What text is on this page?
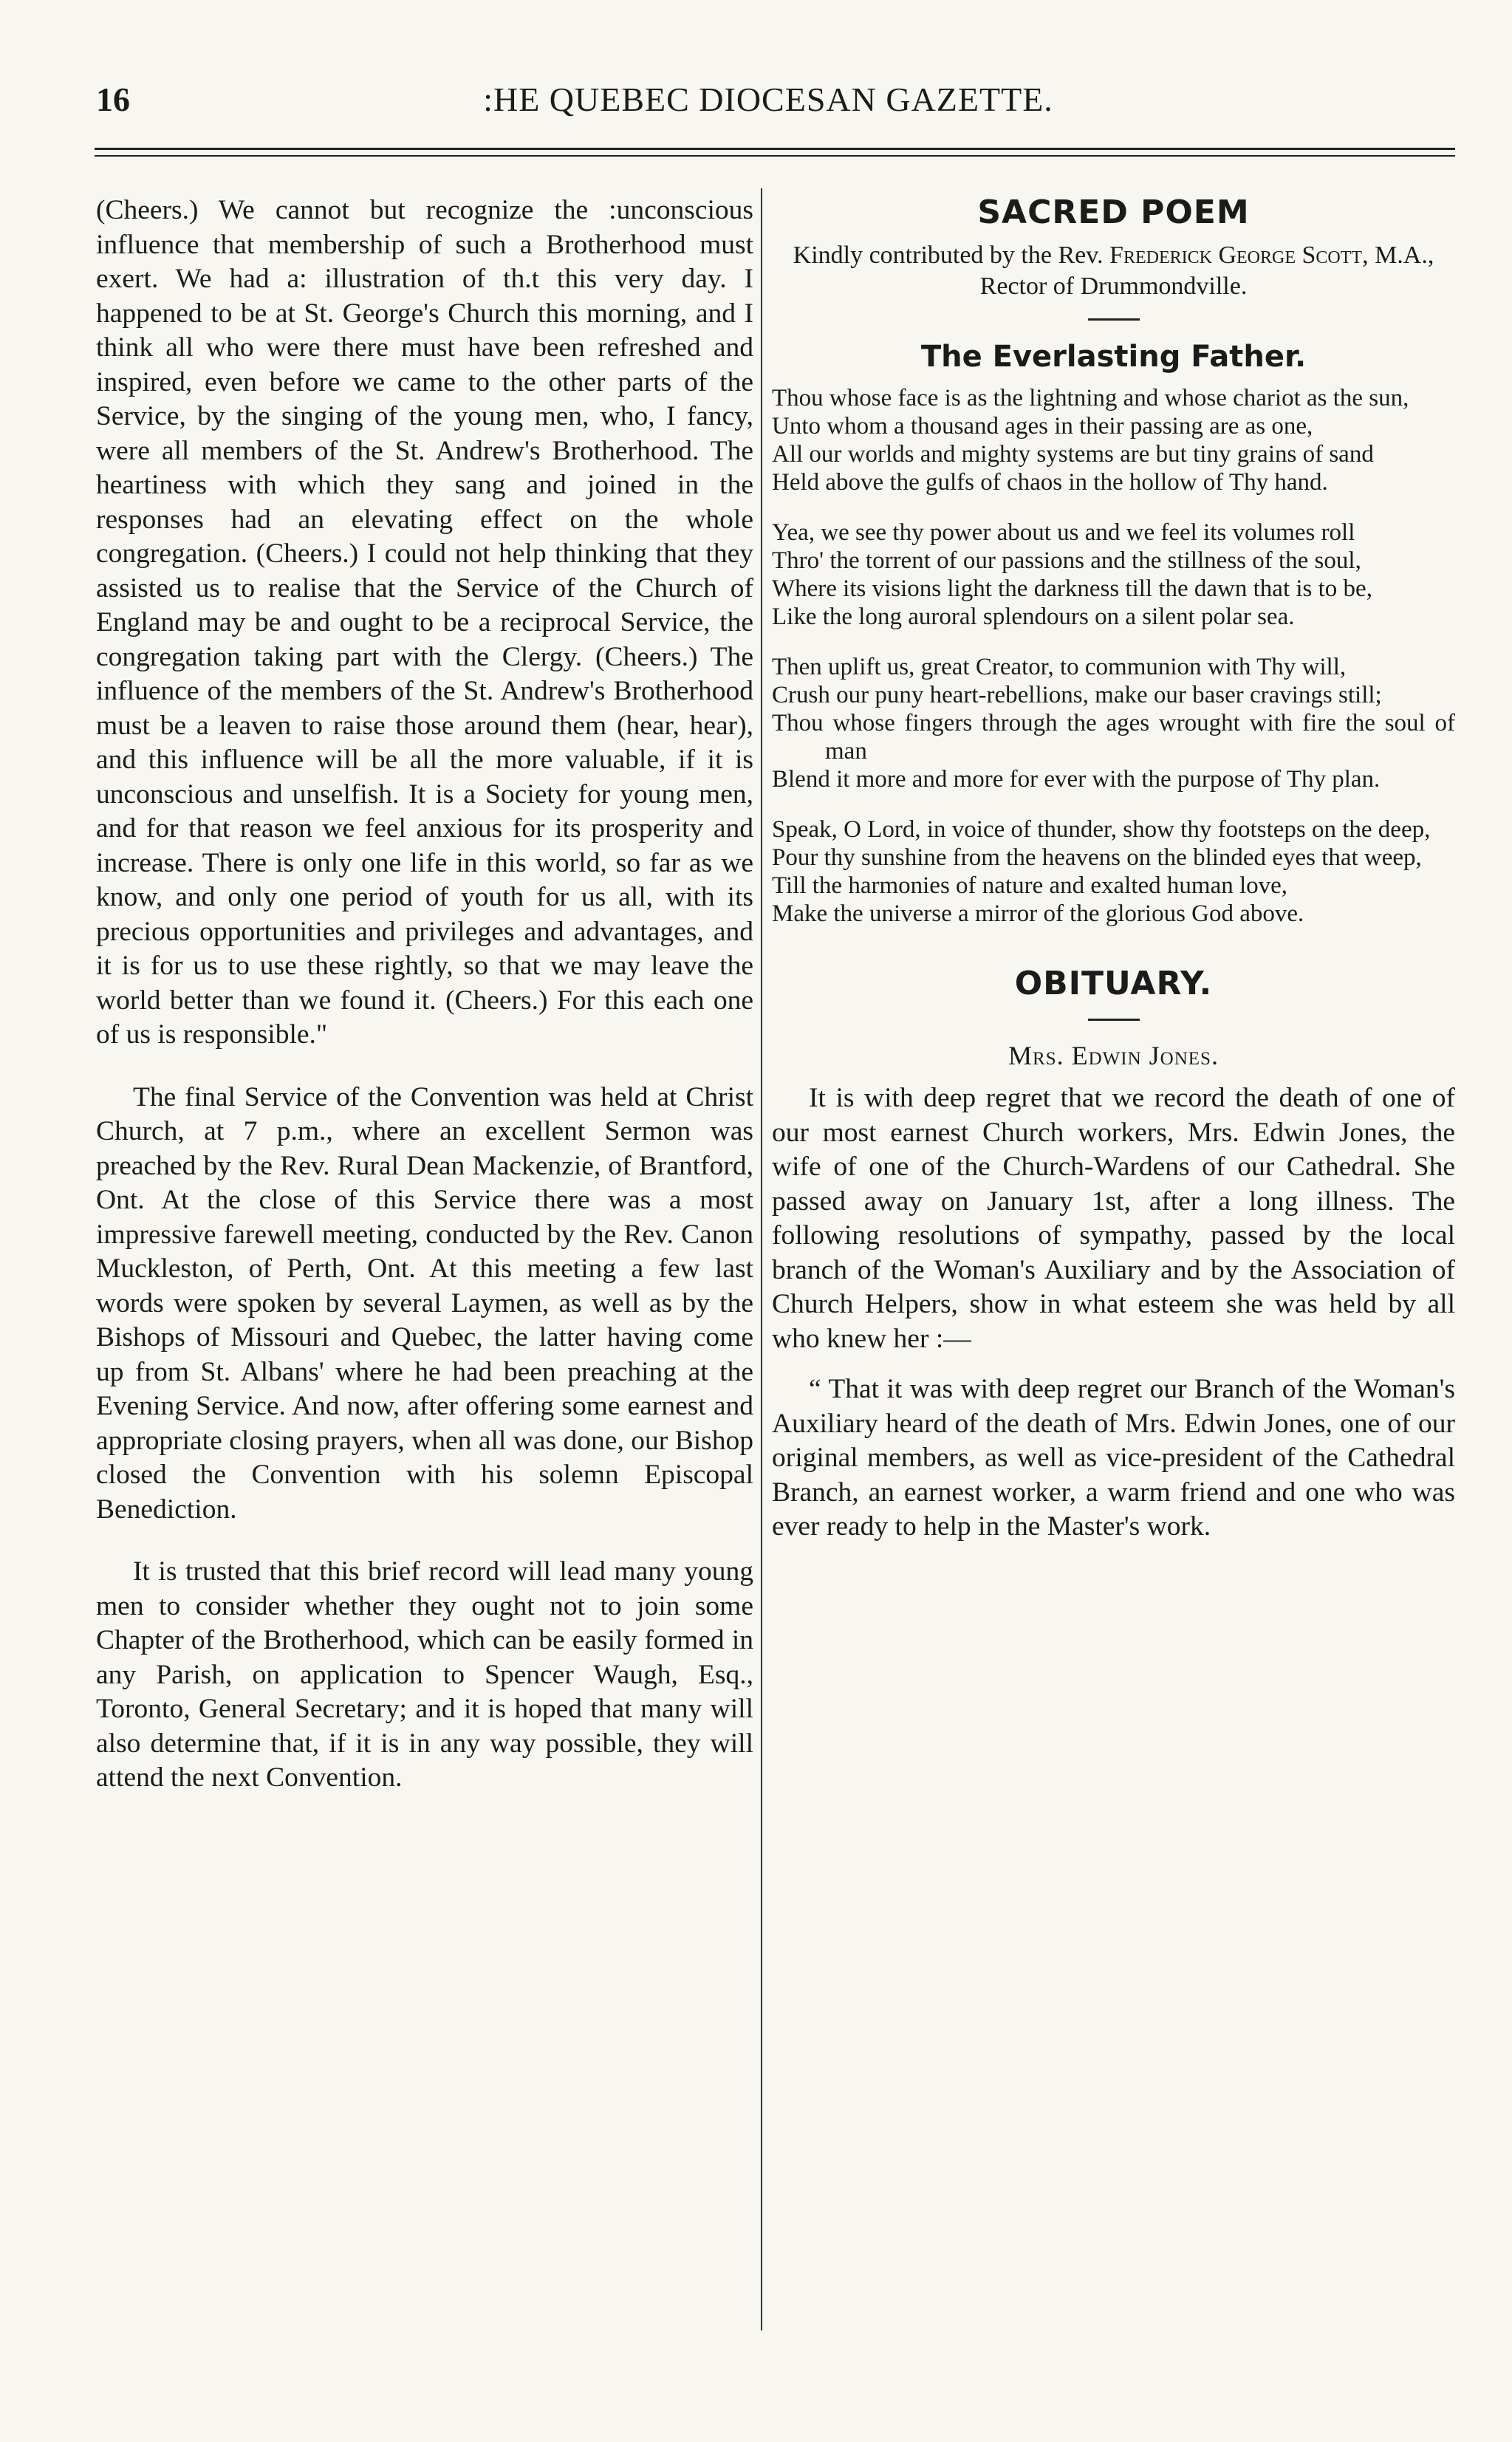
16	:HE QUEBEC DIOCESAN GAZETTE.

(Cheers.) We cannot but recognize the :unconscious influence that membership of such a Brotherhood must exert. We had a: illustration of th.t this very day. I happened to be at St. George's Church this morning, and I think all who were there must have been refreshed and inspired, even before we came to the other parts of the Service, by the singing of the young men, who, I fancy, were all members of the St. Andrew's Brotherhood. The heartiness with which they sang and joined in the responses had an elevating effect on the whole congregation. (Cheers.) I could not help thinking that they assisted us to realise that the Service of the Church of England may be and ought to be a reciprocal Service, the congregation taking part with the Clergy. (Cheers.) The influence of the members of the St. Andrew's Brotherhood must be a leaven to raise those around them (hear, hear), and this influence will be all the more valuable, if it is unconscious and unselfish. It is a Society for young men, and for that reason we feel anxious for its prosperity and increase. There is only one life in this world, so far as we know, and only one period of youth for us all, with its precious opportunities and privileges and advantages, and it is for us to use these rightly, so that we may leave the world better than we found it. (Cheers.) For this each one of us is responsible."

The final Service of the Convention was held at Christ Church, at 7 p.m., where an excellent Sermon was preached by the Rev. Rural Dean Mackenzie, of Brantford, Ont. At the close of this Service there was a most impressive farewell meeting, conducted by the Rev. Canon Muckleston, of Perth, Ont. At this meeting a few last words were spoken by several Laymen, as well as by the Bishops of Missouri and Quebec, the latter having come up from St. Albans' where he had been preaching at the Evening Service. And now, after offering some earnest and appropriate closing prayers, when all was done, our Bishop closed the Convention with his solemn Episcopal Benediction.

It is trusted that this brief record will lead many young men to consider whether they ought not to join some Chapter of the Brotherhood, which can be easily formed in any Parish, on application to Spencer Waugh, Esq., Toronto, General Secretary; and it is hoped that many will also determine that, if it is in any way possible, they will attend the next Convention.

SACRED POEM
Kindly contributed by the Rev. Frederick George Scott, M.A., Rector of Drummondville.
The Everlasting Father.
Thou whose face is as the lightning and whose chariot as the sun,
Unto whom a thousand ages in their passing are as one,
All our worlds and mighty systems are but tiny grains of sand
Held above the gulfs of chaos in the hollow of Thy hand.
Yea, we see thy power about us and we feel its volumes roll
Thro' the torrent of our passions and the stillness of the soul,
Where its visions light the darkness till the dawn that is to be,
Like the long auroral splendours on a silent polar sea.
Then uplift us, great Creator, to communion with Thy will,
Crush our puny heart-rebellions, make our baser cravings still;
Thou whose fingers through the ages wrought with fire the soul of man
Blend it more and more for ever with the purpose of Thy plan.
Speak, O Lord, in voice of thunder, show thy footsteps on the deep,
Pour thy sunshine from the heavens on the blinded eyes that weep,
Till the harmonies of nature and exalted human love,
Make the universe a mirror of the glorious God above.
OBITUARY.
Mrs. Edwin Jones.

It is with deep regret that we record the death of one of our most earnest Church workers, Mrs. Edwin Jones, the wife of one of the Church-Wardens of our Cathedral. She passed away on January 1st, after a long illness. The following resolutions of sympathy, passed by the local branch of the Woman's Auxiliary and by the Association of Church Helpers, show in what esteem she was held by all who knew her :—

“ That it was with deep regret our Branch of the Woman's Auxiliary heard of the death of Mrs. Edwin Jones, one of our original members, as well as vice-president of the Cathedral Branch, an earnest worker, a warm friend and one who was ever ready to help in the Master's work.
